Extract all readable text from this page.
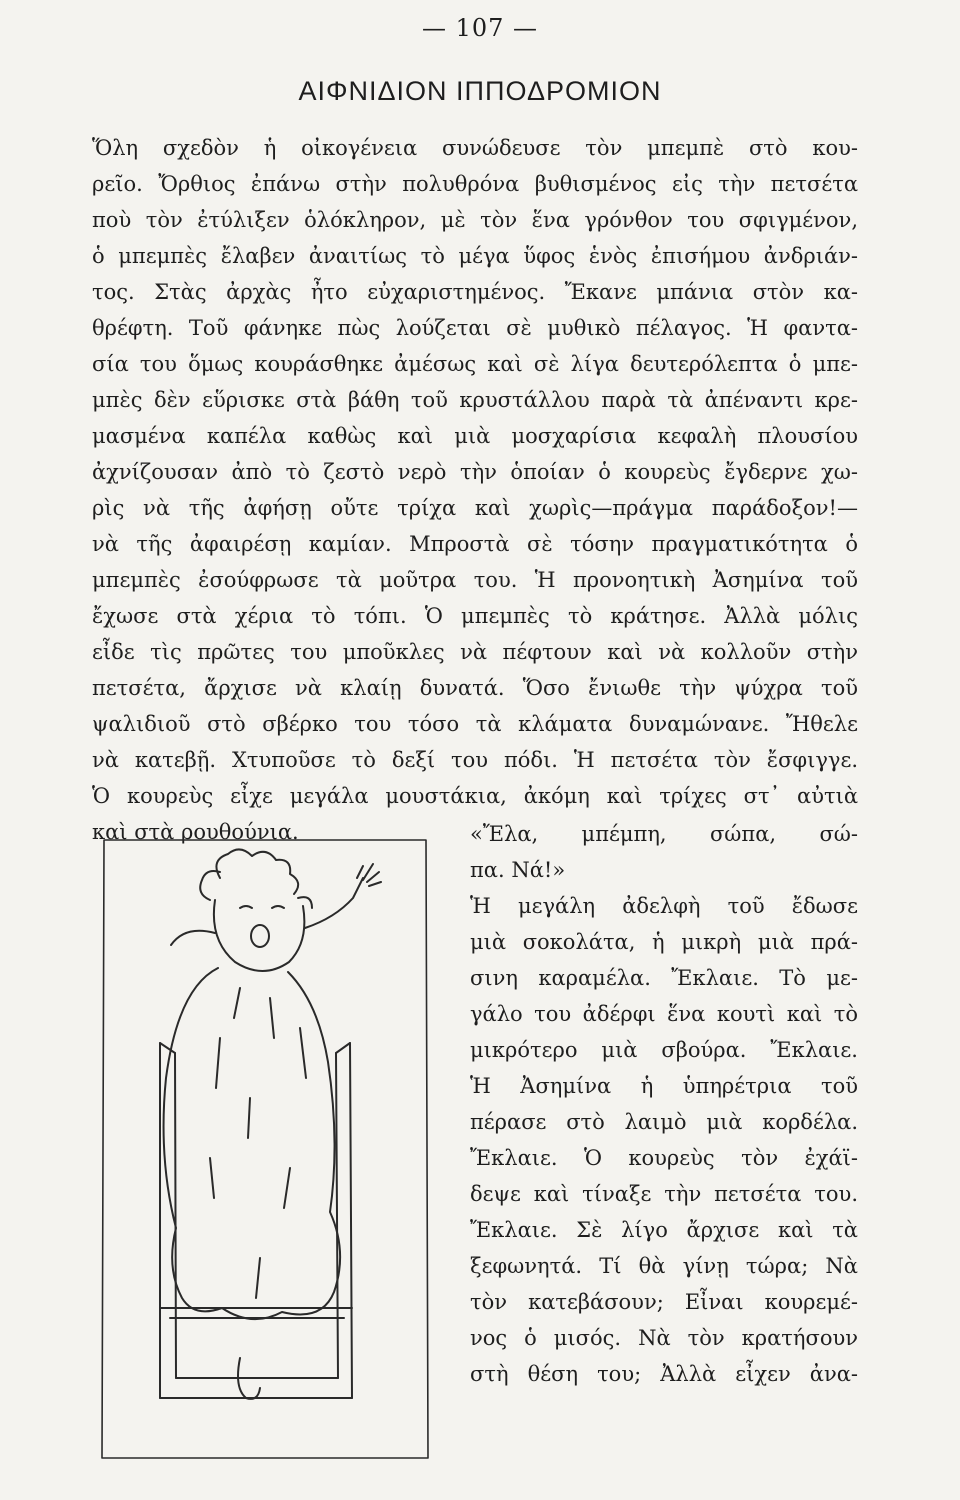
— 107 —
ΑΙΦΝΙΔΙΟΝ ΙΠΠΟΔΡΟΜΙΟΝ
Ὅλη σχεδὸν ἡ οἰκογένεια συνώδευσε τὸν μπεμπὲ στὸ κου-
ρεῖο. Ὄρθιος ἐπάνω στὴν πολυθρόνα βυθισμένος εἰς τὴν πετσέτα
ποὺ τὸν ἐτύλιξεν ὁλόκληρον, μὲ τὸν ἕνα γρόνθον του σφιγμένον,
ὁ μπεμπὲς ἔλαβεν ἀναιτίως τὸ μέγα ὕφος ἑνὸς ἐπισήμου ἀνδριάν-
τος. Στὰς ἀρχὰς ἦτο εὐχαριστημένος. Ἔκανε μπάνια στὸν κα-
θρέφτη. Τοῦ φάνηκε πὼς λούζεται σὲ μυθικὸ πέλαγος. Ἡ φαντα-
σία του ὅμως κουράσθηκε ἀμέσως καὶ σὲ λίγα δευτερόλεπτα ὁ μπε-
μπὲς δὲν εὕρισκε στὰ βάθη τοῦ κρυστάλλου παρὰ τὰ ἀπέναντι κρε-
μασμένα καπέλα καθὼς καὶ μιὰ μοσχαρίσια κεφαλὴ πλουσίου
ἀχνίζουσαν ἀπὸ τὸ ζεστὸ νερὸ τὴν ὁποίαν ὁ κουρεὺς ἔγδερνε χω-
ρὶς νὰ τῆς ἀφήσῃ οὔτε τρίχα καὶ χωρὶς—πράγμα παράδοξον!—
νὰ τῆς ἀφαιρέσῃ καμίαν. Μπροστὰ σὲ τόσην πραγματικότητα ὁ
μπεμπὲς ἐσούφρωσε τὰ μοῦτρα του. Ἡ προνοητικὴ Ἀσημίνα τοῦ
ἔχωσε στὰ χέρια τὸ τόπι. Ὁ μπεμπὲς τὸ κράτησε. Ἀλλὰ μόλις
εἶδε τὶς πρῶτες του μποῦκλες νὰ πέφτουν καὶ νὰ κολλοῦν στὴν
πετσέτα, ἄρχισε νὰ κλαίῃ δυνατά. Ὅσο ἔνιωθε τὴν ψύχρα τοῦ
ψαλιδιοῦ στὸ σβέρκο του τόσο τὰ κλάματα δυναμώνανε. Ἤθελε
νὰ κατεβῇ. Χτυποῦσε τὸ δεξί του πόδι. Ἡ πετσέτα τὸν ἔσφιγγε.
Ὁ κουρεὺς εἶχε μεγάλα μουστάκια, ἀκόμη καὶ τρίχες στ᾽ αὐτιὰ
καὶ στὰ ρουθούνια.	«Ἔλα, μπέμπη, σώπα, σώ-
πα. Νά!»
Ἡ μεγάλη ἀδελφὴ τοῦ ἔδωσε
μιὰ σοκολάτα, ἡ μικρὴ μιὰ πρά-
σινη καραμέλα. Ἔκλαιε. Τὸ με-
γάλο του ἀδέρφι ἕνα κουτὶ καὶ τὸ
μικρότερο μιὰ σβούρα. Ἔκλαιε.
Ἡ Ἀσημίνα ἡ ὑπηρέτρια τοῦ
πέρασε στὸ λαιμὸ μιὰ κορδέλα.
Ἔκλαιε. Ὁ κουρεὺς τὸν ἐχάϊ-
δεψε καὶ τίναξε τὴν πετσέτα του.
Ἔκλαιε. Σὲ λίγο ἄρχισε καὶ τὰ
ξεφωνητά. Τί θὰ γίνῃ τώρα; Νὰ
τὸν κατεβάσουν; Εἶναι κουρεμέ-
νος ὁ μισός. Νὰ τὸν κρατήσουν
στὴ θέση του; Ἀλλὰ εἶχεν ἀνα-
